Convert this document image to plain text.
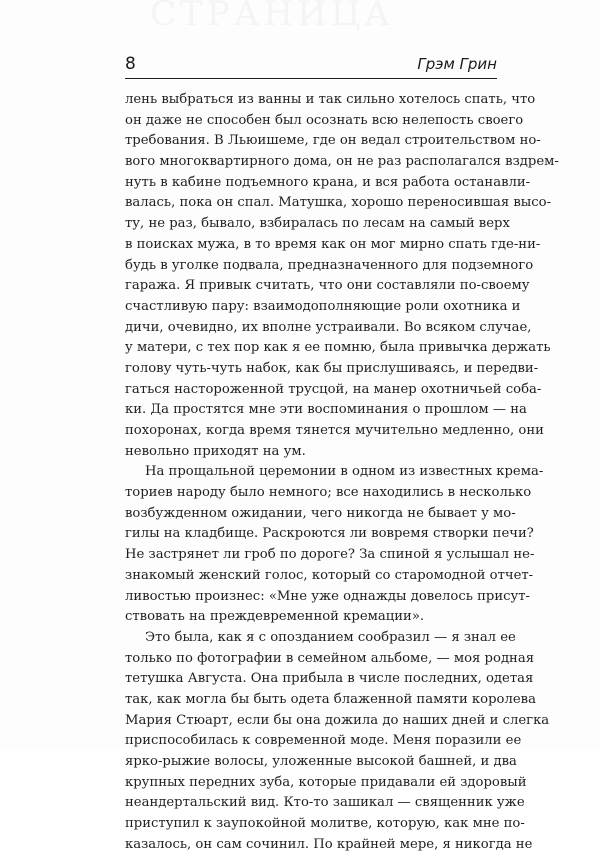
СТРАНИЦА
8	Грэм Грин
лень выбраться из ванны и так сильно хотелось спать, что
он даже не способен был осознать всю нелепость своего
требования. В Льюишеме, где он ведал строительством но-
вого многоквартирного дома, он не раз располагался вздрем-
нуть в кабине подъемного крана, и вся работа останавли-
валась, пока он спал. Матушка, хорошо переносившая высо-
ту, не раз, бывало, взбиралась по лесам на самый верх
в поисках мужа, в то время как он мог мирно спать где-ни-
будь в уголке подвала, предназначенного для подземного
гаража. Я привык считать, что они составляли по-своему
счастливую пару: взаимодополняющие роли охотника и
дичи, очевидно, их вполне устраивали. Во всяком случае,
у матери, с тех пор как я ее помню, была привычка держать
голову чуть-чуть набок, как бы прислушиваясь, и передви-
гаться настороженной трусцой, на манер охотничьей соба-
ки. Да простятся мне эти воспоминания о прошлом — на
похоронах, когда время тянется мучительно медленно, они
невольно приходят на ум.
На прощальной церемонии в одном из известных крема-
ториев народу было немного; все находились в несколько
возбужденном ожидании, чего никогда не бывает у мо-
гилы на кладбище. Раскроются ли вовремя створки печи?
Не застрянет ли гроб по дороге? За спиной я услышал не-
знакомый женский голос, который со старомодной отчет-
ливостью произнес: «Мне уже однажды довелось присут-
ствовать на преждевременной кремации».
Это была, как я с опозданием сообразил — я знал ее
только по фотографии в семейном альбоме, — моя родная
тетушка Августа. Она прибыла в числе последних, одетая
так, как могла бы быть одета блаженной памяти королева
Мария Стюарт, если бы она дожила до наших дней и слегка
приспособилась к современной моде. Меня поразили ее
ярко-рыжие волосы, уложенные высокой башней, и два
крупных передних зуба, которые придавали ей здоровый
неандертальский вид. Кто-то зашикал — священник уже
приступил к заупокойной молитве, которую, как мне по-
казалось, он сам сочинил. По крайней мере, я никогда не
